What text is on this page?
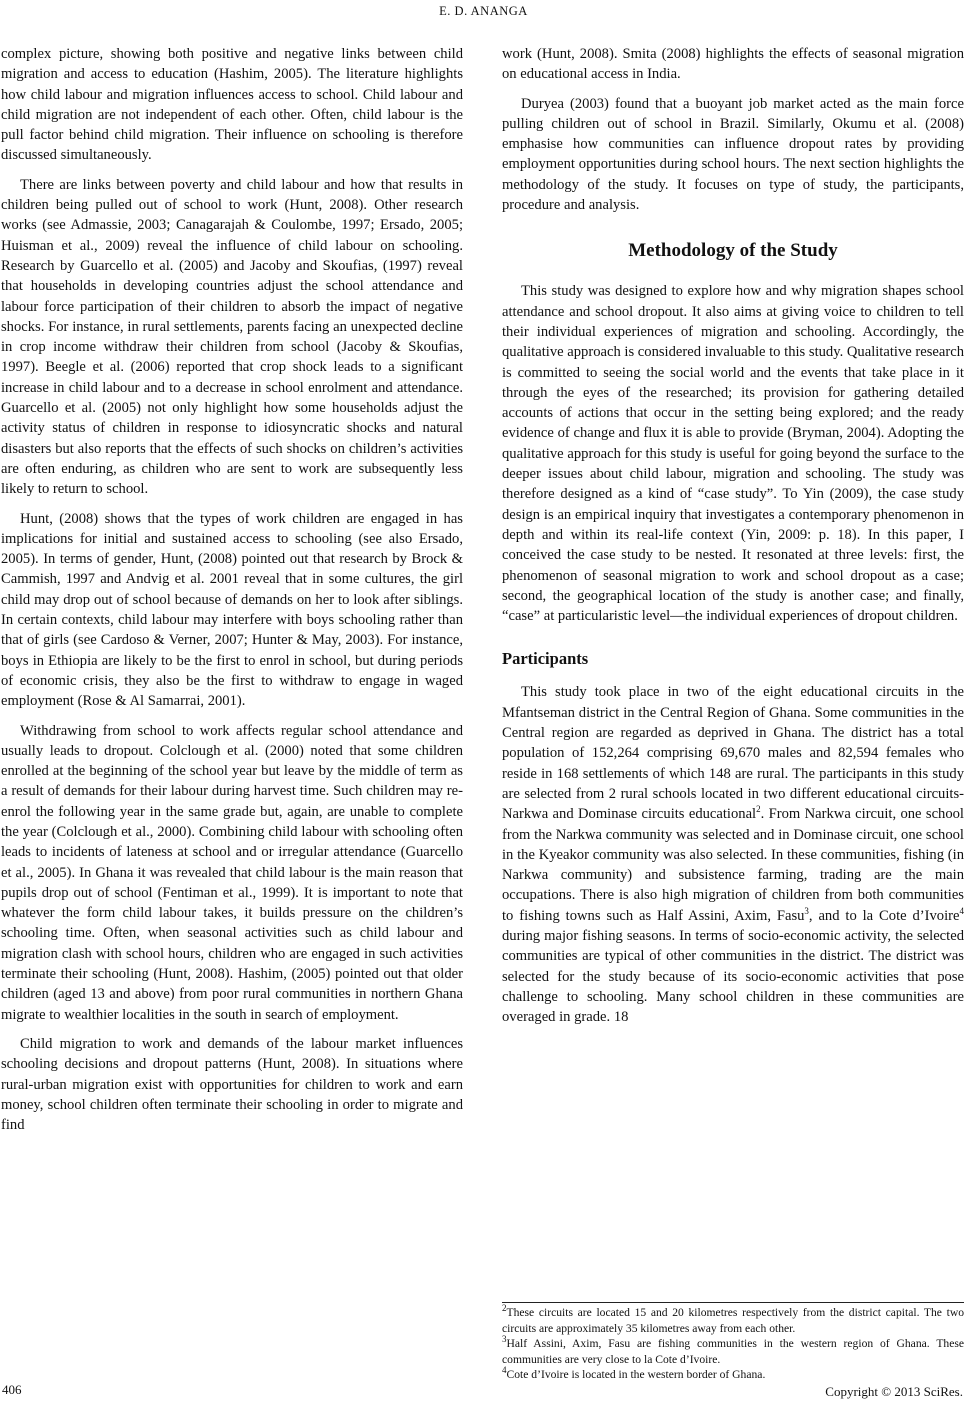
E. D. ANANGA

complex picture, showing both positive and negative links between child migration and access to education (Hashim, 2005). The literature highlights how child labour and migration influences access to school. Child labour and child migration are not independent of each other. Often, child labour is the pull factor behind child migration. Their influence on schooling is therefore discussed simultaneously.

There are links between poverty and child labour and how that results in children being pulled out of school to work (Hunt, 2008). Other research works (see Admassie, 2003; Canagarajah & Coulombe, 1997; Ersado, 2005; Huisman et al., 2009) reveal the influence of child labour on schooling. Research by Guarcello et al. (2005) and Jacoby and Skoufias, (1997) reveal that households in developing countries adjust the school attendance and labour force participation of their children to absorb the impact of negative shocks. For instance, in rural settlements, parents facing an unexpected decline in crop income withdraw their children from school (Jacoby & Skoufias, 1997). Beegle et al. (2006) reported that crop shock leads to a significant increase in child labour and to a decrease in school enrolment and attendance. Guarcello et al. (2005) not only highlight how some households adjust the activity status of children in response to idiosyncratic shocks and natural disasters but also reports that the effects of such shocks on children’s activities are often enduring, as children who are sent to work are subsequently less likely to return to school.

Hunt, (2008) shows that the types of work children are engaged in has implications for initial and sustained access to schooling (see also Ersado, 2005). In terms of gender, Hunt, (2008) pointed out that research by Brock & Cammish, 1997 and Andvig et al. 2001 reveal that in some cultures, the girl child may drop out of school because of demands on her to look after siblings. In certain contexts, child labour may interfere with boys schooling rather than that of girls (see Cardoso & Verner, 2007; Hunter & May, 2003). For instance, boys in Ethiopia are likely to be the first to enrol in school, but during periods of economic crisis, they also be the first to withdraw to engage in waged employment (Rose & Al Samarrai, 2001).

Withdrawing from school to work affects regular school attendance and usually leads to dropout. Colclough et al. (2000) noted that some children enrolled at the beginning of the school year but leave by the middle of term as a result of demands for their labour during harvest time. Such children may re-enrol the following year in the same grade but, again, are unable to complete the year (Colclough et al., 2000). Combining child labour with schooling often leads to incidents of lateness at school and or irregular attendance (Guarcello et al., 2005). In Ghana it was revealed that child labour is the main reason that pupils drop out of school (Fentiman et al., 1999). It is important to note that whatever the form child labour takes, it builds pressure on the children’s schooling time. Often, when seasonal activities such as child labour and migration clash with school hours, children who are engaged in such activities terminate their schooling (Hunt, 2008). Hashim, (2005) pointed out that older children (aged 13 and above) from poor rural communities in northern Ghana migrate to wealthier localities in the south in search of employment.

Child migration to work and demands of the labour market influences schooling decisions and dropout patterns (Hunt, 2008). In situations where rural-urban migration exist with opportunities for children to work and earn money, school children often terminate their schooling in order to migrate and find

work (Hunt, 2008). Smita (2008) highlights the effects of seasonal migration on educational access in India.

Duryea (2003) found that a buoyant job market acted as the main force pulling children out of school in Brazil. Similarly, Okumu et al. (2008) emphasise how communities can influence dropout rates by providing employment opportunities during school hours. The next section highlights the methodology of the study. It focuses on type of study, the participants, procedure and analysis.

Methodology of the Study

This study was designed to explore how and why migration shapes school attendance and school dropout. It also aims at giving voice to children to tell their individual experiences of migration and schooling. Accordingly, the qualitative approach is considered invaluable to this study. Qualitative research is committed to seeing the social world and the events that take place in it through the eyes of the researched; its provision for gathering detailed accounts of actions that occur in the setting being explored; and the ready evidence of change and flux it is able to provide (Bryman, 2004). Adopting the qualitative approach for this study is useful for going beyond the surface to the deeper issues about child labour, migration and schooling. The study was therefore designed as a kind of “case study”. To Yin (2009), the case study design is an empirical inquiry that investigates a contemporary phenomenon in depth and within its real-life context (Yin, 2009: p. 18). In this paper, I conceived the case study to be nested. It resonated at three levels: first, the phenomenon of seasonal migration to work and school dropout as a case; second, the geographical location of the study is another case; and finally, “case” at particularistic level—the individual experiences of dropout children.

Participants

This study took place in two of the eight educational circuits in the Mfantseman district in the Central Region of Ghana. Some communities in the Central region are regarded as deprived in Ghana. The district has a total population of 152,264 comprising 69,670 males and 82,594 females who reside in 168 settlements of which 148 are rural. The participants in this study are selected from 2 rural schools located in two different educational circuits-Narkwa and Dominase circuits educational$^2$. From Narkwa circuit, one school from the Narkwa community was selected and in Dominase circuit, one school in the Kyeakor community was also selected. In these communities, fishing (in Narkwa community) and subsistence farming, trading are the main occupations. There is also high migration of children from both communities to fishing towns such as Half Assini, Axim, Fasu$^3$, and to la Cote d’Ivoire$^4$ during major fishing seasons. In terms of socio-economic activity, the selected communities are typical of other communities in the district. The district was selected for the study because of its socio-economic activities that pose challenge to schooling. Many school children in these communities are overaged in grade. 18

$^2$These circuits are located 15 and 20 kilometres respectively from the district capital. The two circuits are approximately 35 kilometres away from each other.
$^3$Half Assini, Axim, Fasu are fishing communities in the western region of Ghana. These communities are very close to la Cote d’Ivoire.
$^4$Cote d’Ivoire is located in the western border of Ghana.
406	Copyright © 2013 SciRes.
